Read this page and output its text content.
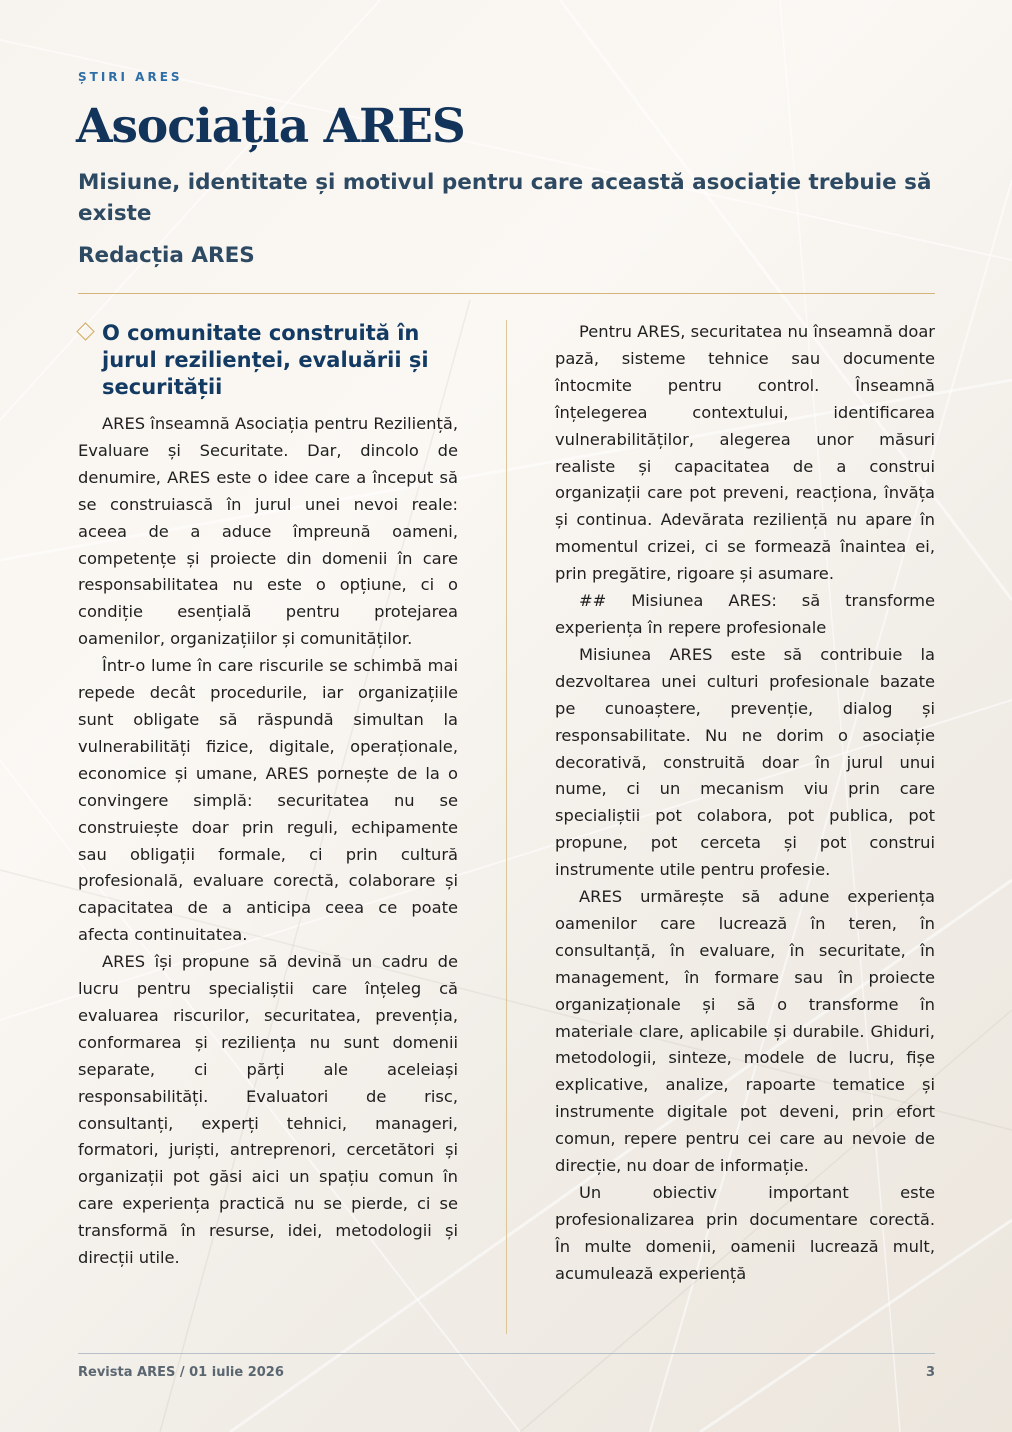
ȘTIRI ARES
Asociația ARES
Misiune, identitate și motivul pentru care această asociație trebuie să existe
Redacția ARES
O comunitate construită în jurul rezilienței, evaluării și securității

ARES înseamnă Asociația pentru Reziliență, Evaluare și Securitate. Dar, dincolo de denumire, ARES este o idee care a început să se construiască în jurul unei nevoi reale: aceea de a aduce împreună oameni, competențe și proiecte din domenii în care responsabilitatea nu este o opțiune, ci o condiție esențială pentru protejarea oamenilor, organizațiilor și comunităților.

Într-o lume în care riscurile se schimbă mai repede decât procedurile, iar organizațiile sunt obligate să răspundă simultan la vulnerabilități fizice, digitale, operaționale, economice și umane, ARES pornește de la o convingere simplă: securitatea nu se construiește doar prin reguli, echipamente sau obligații formale, ci prin cultură profesională, evaluare corectă, colaborare și capacitatea de a anticipa ceea ce poate afecta continuitatea.

ARES își propune să devină un cadru de lucru pentru specialiștii care înțeleg că evaluarea riscurilor, securitatea, prevenția, conformarea și reziliența nu sunt domenii separate, ci părți ale aceleiași responsabilități. Evaluatori de risc, consultanți, experți tehnici, manageri, formatori, juriști, antreprenori, cercetători și organizații pot găsi aici un spațiu comun în care experiența practică nu se pierde, ci se transformă în resurse, idei, metodologii și direcții utile.

Pentru ARES, securitatea nu înseamnă doar pază, sisteme tehnice sau documente întocmite pentru control. Înseamnă înțelegerea contextului, identificarea vulnerabilităților, alegerea unor măsuri realiste și capacitatea de a construi organizații care pot preveni, reacționa, învăța și continua. Adevărata reziliență nu apare în momentul crizei, ci se formează înaintea ei, prin pregătire, rigoare și asumare.

## Misiunea ARES: să transforme experiența în repere profesionale

Misiunea ARES este să contribuie la dezvoltarea unei culturi profesionale bazate pe cunoaștere, prevenție, dialog și responsabilitate. Nu ne dorim o asociație decorativă, construită doar în jurul unui nume, ci un mecanism viu prin care specialiștii pot colabora, pot publica, pot propune, pot cerceta și pot construi instrumente utile pentru profesie.

ARES urmărește să adune experiența oamenilor care lucrează în teren, în consultanță, în evaluare, în securitate, în management, în formare sau în proiecte organizaționale și să o transforme în materiale clare, aplicabile și durabile. Ghiduri, metodologii, sinteze, modele de lucru, fișe explicative, analize, rapoarte tematice și instrumente digitale pot deveni, prin efort comun, repere pentru cei care au nevoie de direcție, nu doar de informație.

Un obiectiv important este profesionalizarea prin documentare corectă. În multe domenii, oamenii lucrează mult, acumulează experiență

Revista ARES / 01 iulie 2026	3
